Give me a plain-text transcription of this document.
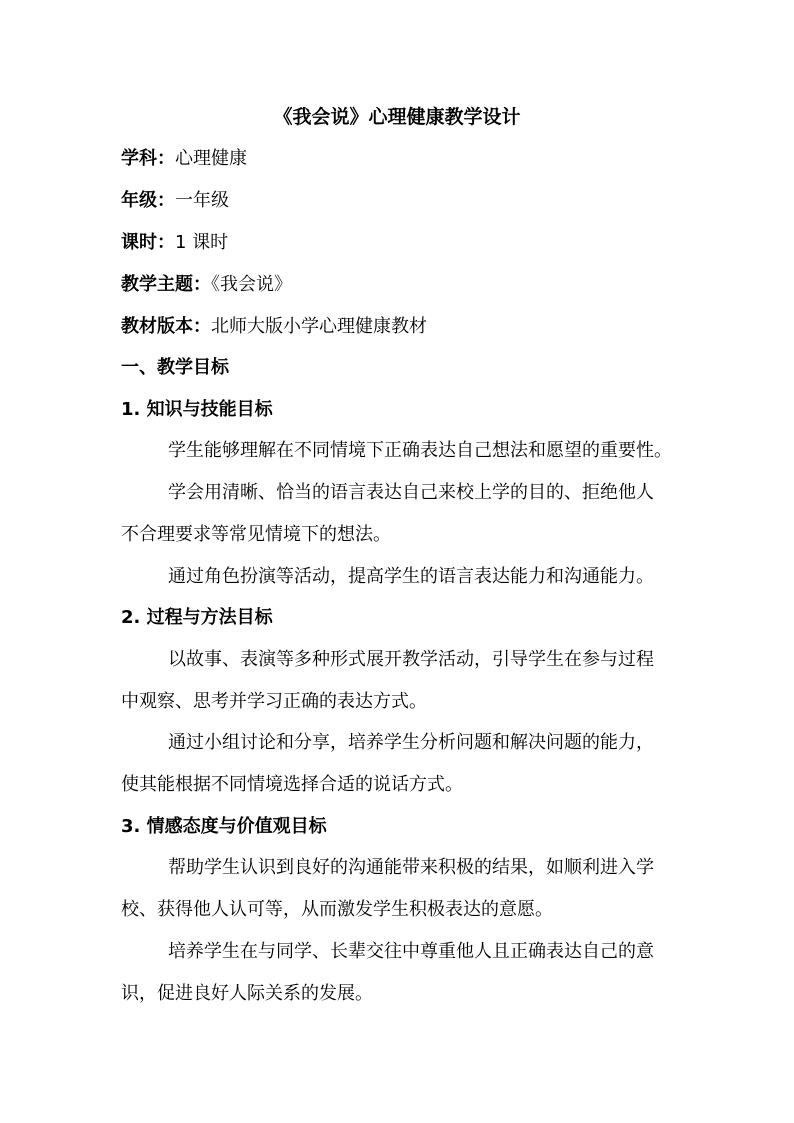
《我会说》心理健康教学设计
学科：心理健康
年级：一年级
课时：1 课时
教学主题：《我会说》
教材版本：北师大版小学心理健康教材
一、教学目标
1. 知识与技能目标
学生能够理解在不同情境下正确表达自己想法和愿望的重要性。
学会用清晰、恰当的语言表达自己来校上学的目的、拒绝他人
不合理要求等常见情境下的想法。
通过角色扮演等活动，提高学生的语言表达能力和沟通能力。
2. 过程与方法目标
以故事、表演等多种形式展开教学活动，引导学生在参与过程
中观察、思考并学习正确的表达方式。
通过小组讨论和分享，培养学生分析问题和解决问题的能力，
使其能根据不同情境选择合适的说话方式。
3. 情感态度与价值观目标
帮助学生认识到良好的沟通能带来积极的结果，如顺利进入学
校、获得他人认可等，从而激发学生积极表达的意愿。
培养学生在与同学、长辈交往中尊重他人且正确表达自己的意
识，促进良好人际关系的发展。
